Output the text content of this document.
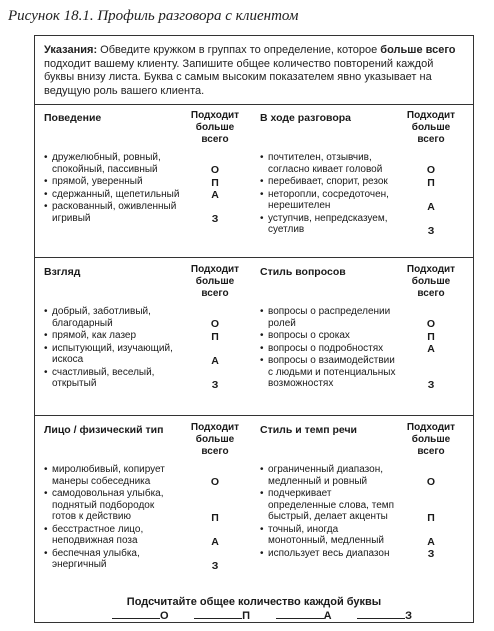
Рисунок 18.1. Профиль разговора с клиентом
Указания: Обведите кружком в группах то определение, которое больше всего подходит вашему клиенту. Запишите общее количество повторений каждой буквы внизу листа. Буква с самым высоким показателем явно указывает на ведущую роль вашего клиента.
Поведение	Подходит больше всего
• дружелюбный, ровный, спокойный, пассивный	О
• прямой, уверенный	П
• сдержанный, щепетильный	А
• раскованный, оживленный игривый	З
В ходе разговора	Подходит больше всего
• почтителен, отзывчив, согласно кивает головой	О
• перебивает, спорит, резок	П
• неторопли, сосредоточен, нерешителен	А
• уступчив, непредсказуем, суетлив	З
Взгляд	Подходит больше всего
• добрый, заботливый, благодарный	О
• прямой, как лазер	П
• испытующий, изучающий, искоса	А
• счастливый, веселый, открытый	З
Стиль вопросов	Подходит больше всего
• вопросы о распределении ролей	О
• вопросы о сроках	П
• вопросы о подробностях	А
• вопросы о взаимодействии с людьми и потенциальных возможностях	З
Лицо / физический тип	Подходит больше всего
• миролюбивый, копирует манеры собеседника	О
• самодовольная улыбка, поднятый подбородок готов к действию	П
• бесстрастное лицо, неподвижная поза	А
• беспечная улыбка, энергичный	З
Стиль и темп речи	Подходит больше всего
• ограниченный диапазон, медленный и ровный	О
• подчеркивает определенные слова, темп быстрый, делает акценты	П
• точный, иногда монотонный, медленный	А
• использует весь диапазон	З
Подсчитайте общее количество каждой буквы
О	П	А	З
